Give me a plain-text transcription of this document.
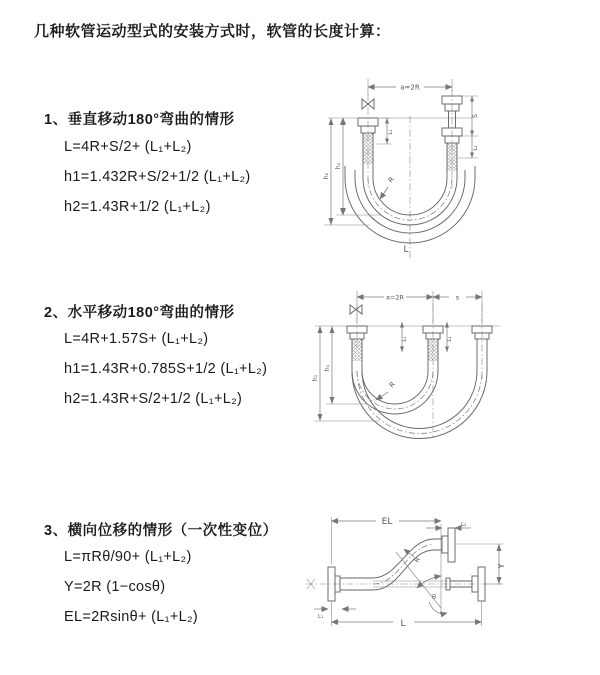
几种软管运动型式的安装方式时，软管的长度计算：
1、垂直移动180°弯曲的情形
L=4R+S/2+ (L₁+L₂)
h1=1.432R+S/2+1/2 (L₁+L₂)
h2=1.43R+1/2 (L₁+L₂)
a=2R
h₁
h₂
L₁
S
L₂
R
L
2、水平移动180°弯曲的情形
L=4R+1.57S+ (L₁+L₂)
h1=1.43R+0.785S+1/2 (L₁+L₂)
h2=1.43R+S/2+1/2 (L₁+L₂)
a=2R	s
h₁
h₂
L₁	L₁
R
3、横向位移的情形（一次性变位）
L=πRθ/90+ (L₁+L₂)
Y=2R (1−cosθ)
EL=2Rsinθ+ (L₁+L₂)
EL	L₂
Y
θ
R
L
L₁
